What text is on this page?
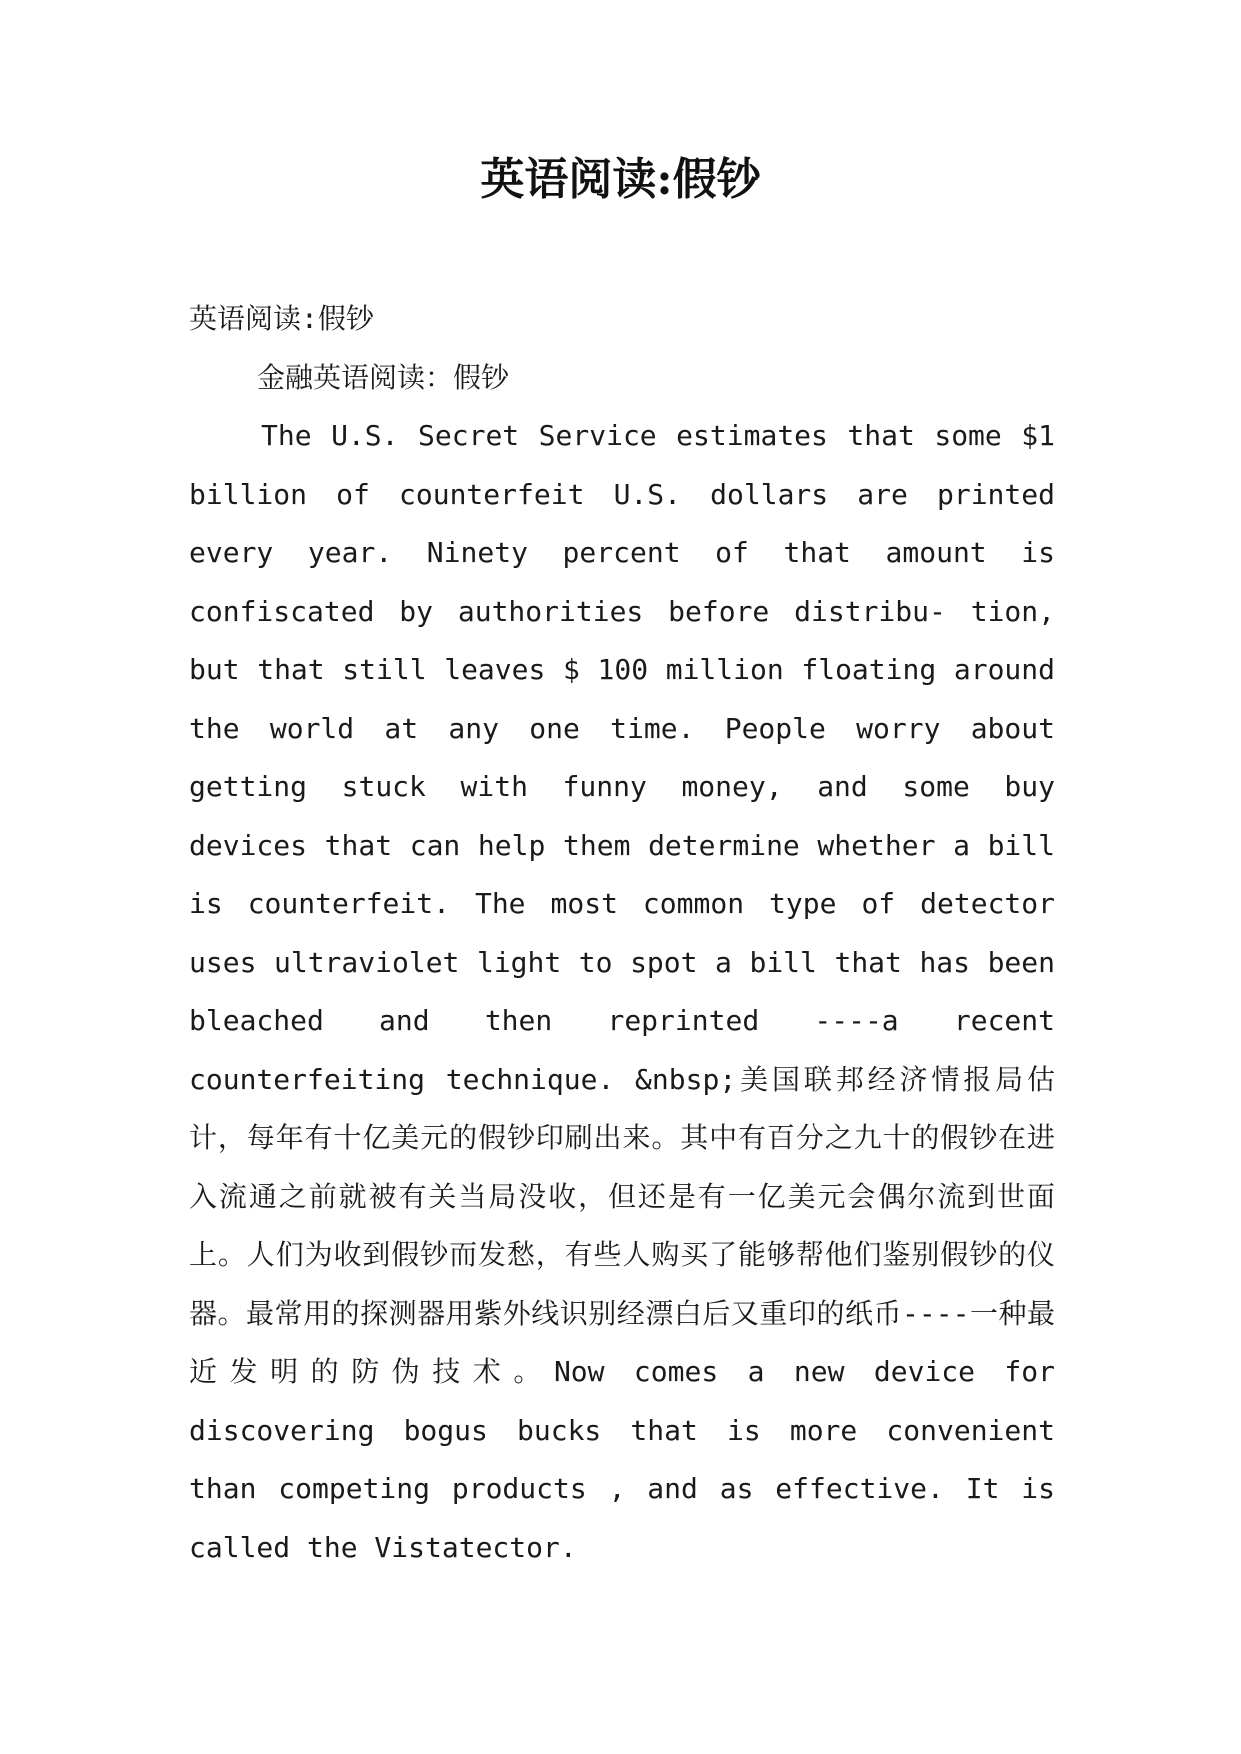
英语阅读:假钞

英语阅读:假钞

金融英语阅读：假钞

The U.S. Secret Service estimates that some $1 billion of counterfeit U.S. dollars are printed every year. Ninety percent of that amount is confiscated by authorities before distribu- tion, but that still leaves $ 100 million floating around the world at any one time. People worry about getting stuck with funny money, and some buy devices that can help them determine whether a bill is counterfeit. The most common type of detector uses ultraviolet light to spot a bill that has been bleached and then reprinted ----a recent counterfeiting technique. &nbsp;美国联邦经济情报局估计，每年有十亿美元的假钞印刷出来。其中有百分之九十的假钞在进入流通之前就被有关当局没收，但还是有一亿美元会偶尔流到世面上。人们为收到假钞而发愁，有些人购买了能够帮他们鉴别假钞的仪器。最常用的探测器用紫外线识别经漂白后又重印的纸币----一种最近发明的防伪技术。Now comes a new device for discovering bogus bucks that is more convenient than competing products , and as effective. It is called the Vistatector.
